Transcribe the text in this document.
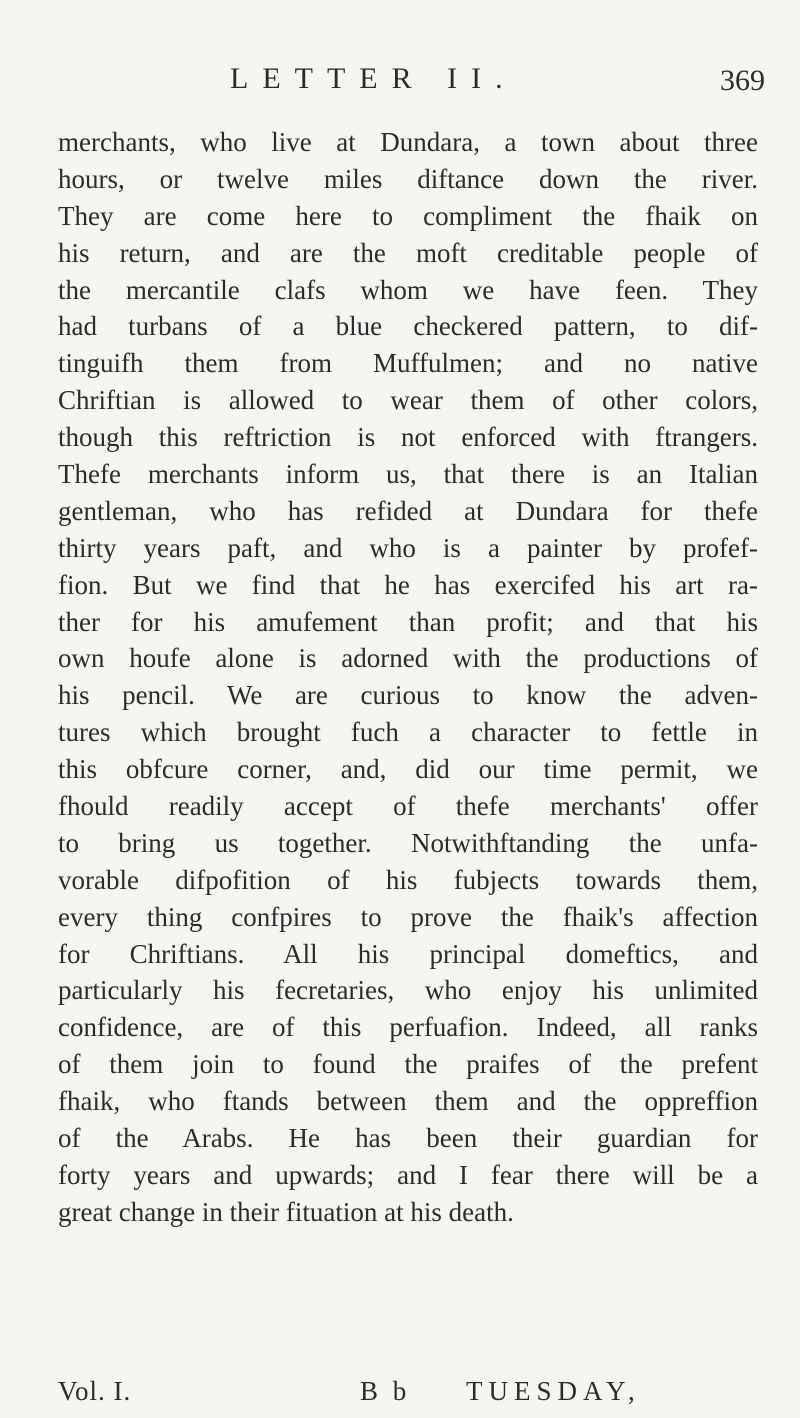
LETTER II.	369
merchants, who live at Dundara, a town about three
hours, or twelve miles diftance down the river.
They are come here to compliment the fhaik on
his return, and are the moft creditable people of
the mercantile clafs whom we have feen. They
had turbans of a blue checkered pattern, to dif-
tinguifh them from Muffulmen; and no native
Chriftian is allowed to wear them of other colors,
though this reftriction is not enforced with ftrangers.
Thefe merchants inform us, that there is an Italian
gentleman, who has refided at Dundara for thefe
thirty years paft, and who is a painter by profef-
fion. But we find that he has exercifed his art ra-
ther for his amufement than profit; and that his
own houfe alone is adorned with the productions of
his pencil. We are curious to know the adven-
tures which brought fuch a character to fettle in
this obfcure corner, and, did our time permit, we
fhould readily accept of thefe merchants' offer
to bring us together. Notwithftanding the unfa-
vorable difpofition of his fubjects towards them,
every thing confpires to prove the fhaik's affection
for Chriftians. All his principal domeftics, and
particularly his fecretaries, who enjoy his unlimited
confidence, are of this perfuafion. Indeed, all ranks
of them join to found the praifes of the prefent
fhaik, who ftands between them and the oppreffion
of the Arabs. He has been their guardian for
forty years and upwards; and I fear there will be a
great change in their fituation at his death.
Vol. I.	B b TUESDAY,
